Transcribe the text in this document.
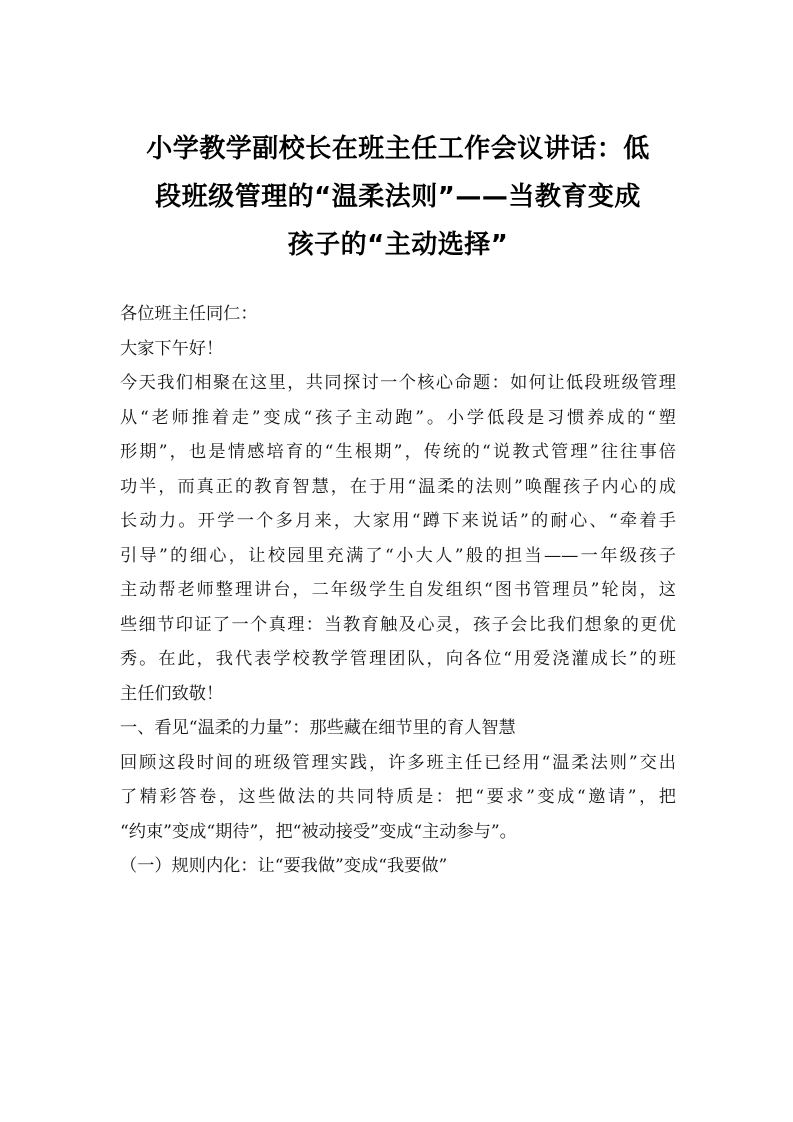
小学教学副校长在班主任工作会议讲话：低
段班级管理的“温柔法则”——当教育变成
孩子的“主动选择”

各位班主任同仁：

大家下午好！

今天我们相聚在这里，共同探讨一个核心命题：如何让低段班级管理
从“老师推着走”变成“孩子主动跑”。小学低段是习惯养成的“塑
形期”，也是情感培育的“生根期”，传统的“说教式管理”往往事倍
功半，而真正的教育智慧，在于用“温柔的法则”唤醒孩子内心的成
长动力。开学一个多月来，大家用“蹲下来说话”的耐心、“牵着手
引导”的细心，让校园里充满了“小大人”般的担当——一年级孩子
主动帮老师整理讲台，二年级学生自发组织“图书管理员”轮岗，这
些细节印证了一个真理：当教育触及心灵，孩子会比我们想象的更优
秀。在此，我代表学校教学管理团队，向各位“用爱浇灌成长”的班
主任们致敬！

一、看见“温柔的力量”：那些藏在细节里的育人智慧

回顾这段时间的班级管理实践，许多班主任已经用“温柔法则”交出
了精彩答卷，这些做法的共同特质是：把“要求”变成“邀请”，把
“约束”变成“期待”，把“被动接受”变成“主动参与”。

（一）规则内化：让“要我做”变成“我要做”
